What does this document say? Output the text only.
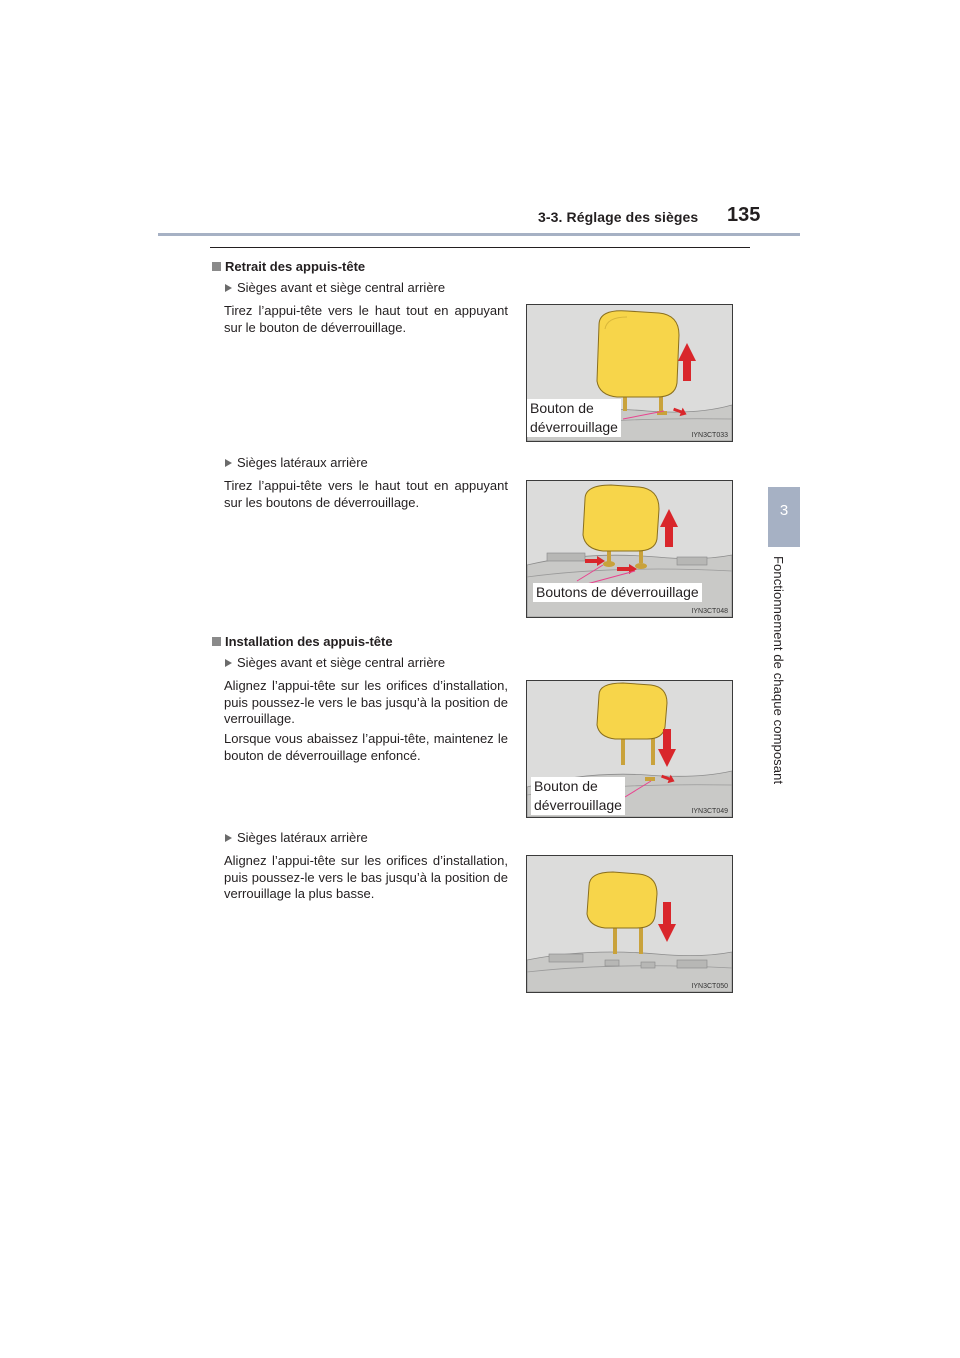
3-3. Réglage des sièges 135
3
Fonctionnement de chaque composant
Retrait des appuis-tête
Sièges avant et siège central arrière
Tirez l’appui-tête vers le haut tout en appuyant sur le bouton de déverrouillage.
Bouton de
déverrouillage
IYN3CT033
Sièges latéraux arrière
Tirez l’appui-tête vers le haut tout en appuyant sur les boutons de déverrouillage.
Boutons de déverrouillage
IYN3CT048
Installation des appuis-tête
Sièges avant et siège central arrière
Alignez l’appui-tête sur les orifices d’installation, puis poussez-le vers le bas jusqu’à la position de verrouillage.
Lorsque vous abaissez l’appui-tête, maintenez le bouton de déverrouillage enfoncé.
Bouton de
déverrouillage	IYN3CT049
Sièges latéraux arrière
Alignez l’appui-tête sur les orifices d’installation, puis poussez-le vers le bas jusqu’à la position de verrouillage la plus basse.
IYN3CT050
